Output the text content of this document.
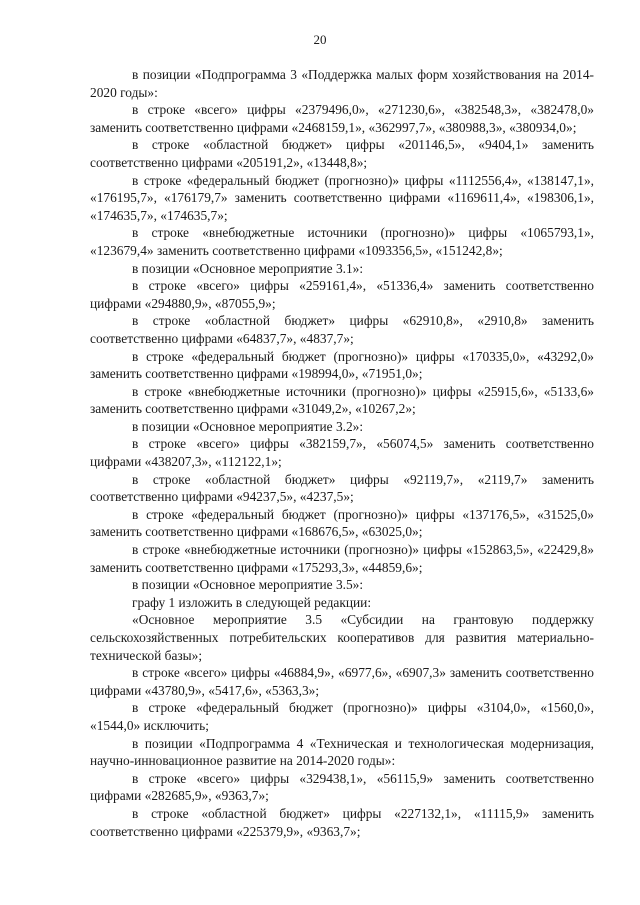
20

в позиции «Подпрограмма 3 «Поддержка малых форм хозяйствования на 2014-2020 годы»:

в строке «всего» цифры «2379496,0», «271230,6», «382548,3», «382478,0» заменить соответственно цифрами «2468159,1», «362997,7», «380988,3», «380934,0»;

в строке «областной бюджет» цифры «201146,5», «9404,1» заменить соответственно цифрами «205191,2», «13448,8»;

в строке «федеральный бюджет (прогнозно)» цифры «1112556,4», «138147,1», «176195,7», «176179,7» заменить соответственно цифрами «1169611,4», «198306,1», «174635,7», «174635,7»;

в строке «внебюджетные источники (прогнозно)» цифры «1065793,1», «123679,4» заменить соответственно цифрами «1093356,5», «151242,8»;

в позиции «Основное мероприятие 3.1»:

в строке «всего» цифры «259161,4», «51336,4» заменить соответственно цифрами «294880,9», «87055,9»;

в строке «областной бюджет» цифры «62910,8», «2910,8» заменить соответственно цифрами «64837,7», «4837,7»;

в строке «федеральный бюджет (прогнозно)» цифры «170335,0», «43292,0» заменить соответственно цифрами «198994,0», «71951,0»;

в строке «внебюджетные источники (прогнозно)» цифры «25915,6», «5133,6» заменить соответственно цифрами «31049,2», «10267,2»;

в позиции «Основное мероприятие 3.2»:

в строке «всего» цифры «382159,7», «56074,5» заменить соответственно цифрами «438207,3», «112122,1»;

в строке «областной бюджет» цифры «92119,7», «2119,7» заменить соответственно цифрами «94237,5», «4237,5»;

в строке «федеральный бюджет (прогнозно)» цифры «137176,5», «31525,0» заменить соответственно цифрами «168676,5», «63025,0»;

в строке «внебюджетные источники (прогнозно)» цифры «152863,5», «22429,8» заменить соответственно цифрами «175293,3», «44859,6»;

в позиции «Основное мероприятие 3.5»:

графу 1 изложить в следующей редакции:

«Основное мероприятие 3.5 «Субсидии на грантовую поддержку сельскохозяйственных потребительских кооперативов для развития материально-технической базы»;

в строке «всего» цифры «46884,9», «6977,6», «6907,3» заменить соответственно цифрами «43780,9», «5417,6», «5363,3»;

в строке «федеральный бюджет (прогнозно)» цифры «3104,0», «1560,0», «1544,0» исключить;

в позиции «Подпрограмма 4 «Техническая и технологическая модернизация, научно-инновационное развитие на 2014-2020 годы»:

в строке «всего» цифры «329438,1», «56115,9» заменить соответственно цифрами «282685,9», «9363,7»;

в строке «областной бюджет» цифры «227132,1», «11115,9» заменить соответственно цифрами «225379,9», «9363,7»;
